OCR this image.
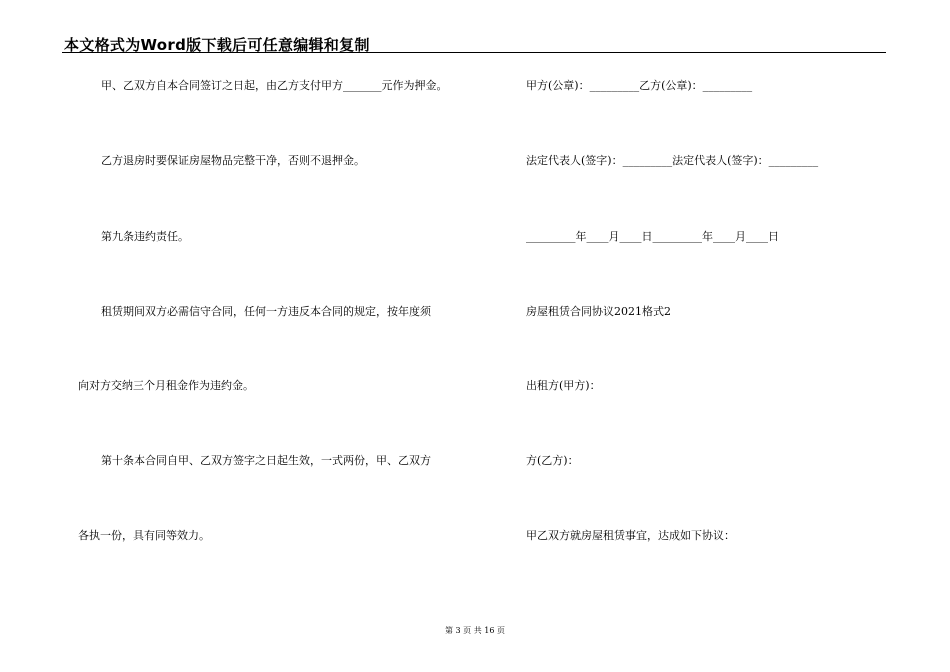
本文格式为Word版下载后可任意编辑和复制
甲、乙双方自本合同签订之日起，由乙方支付甲方_______元作为押金。
乙方退房时要保证房屋物品完整干净，否则不退押金。
第九条违约责任。
租赁期间双方必需信守合同，任何一方违反本合同的规定，按年度须
向对方交纳三个月租金作为违约金。
第十条本合同自甲、乙双方签字之日起生效，一式两份，甲、乙双方
各执一份，具有同等效力。
甲方(公章)：_________乙方(公章)：_________
法定代表人(签字)：_________法定代表人(签字)：_________
_________年____月____日_________年____月____日
房屋租赁合同协议2021格式2
出租方(甲方)：
方(乙方)：
甲乙双方就房屋租赁事宜，达成如下协议：
第 3 页 共 16 页
